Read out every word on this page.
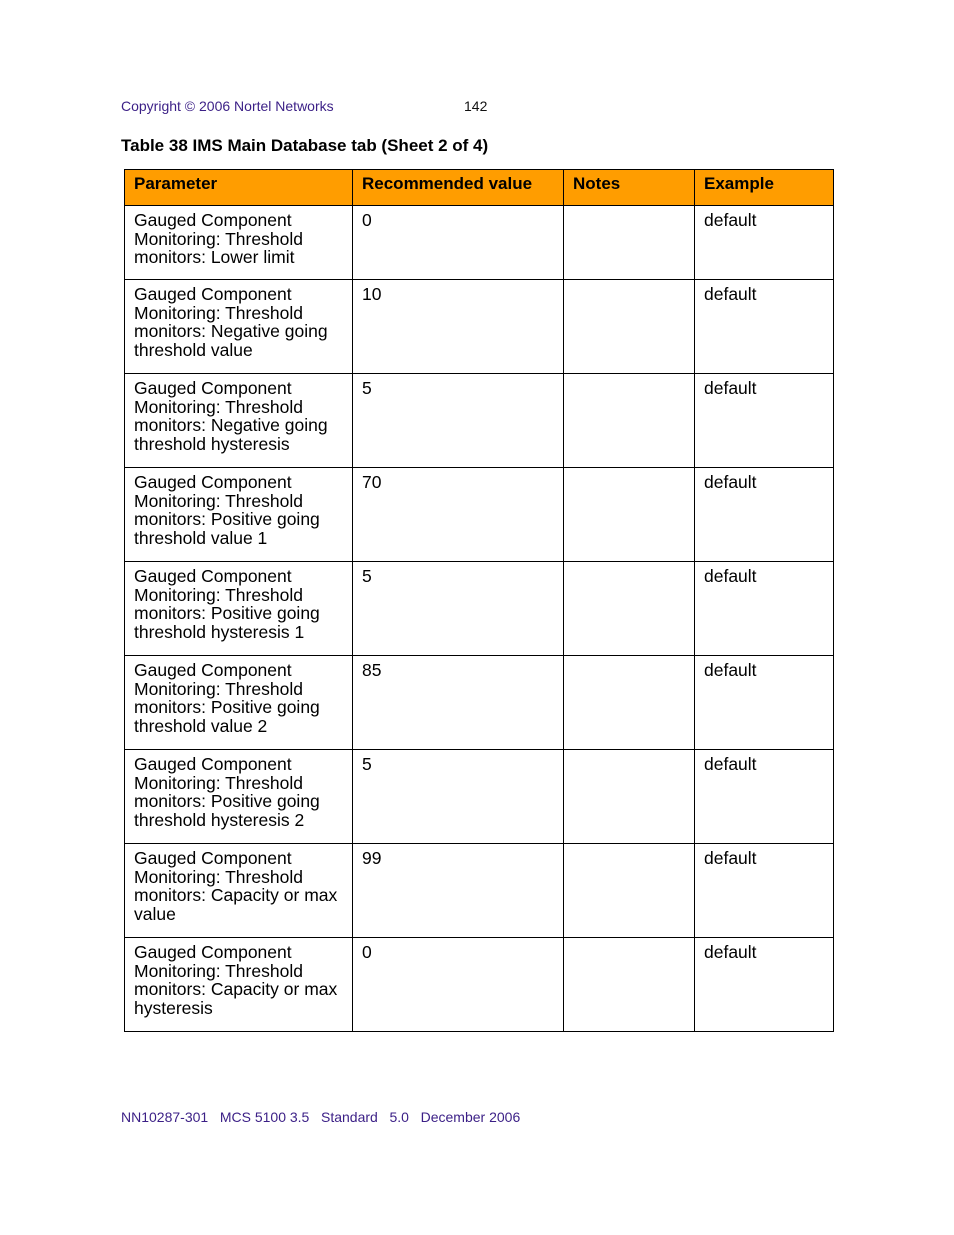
Copyright © 2006 Nortel Networks	142
Table 38 IMS Main Database tab (Sheet 2 of 4)
Parameter	Recommended value	Notes	Example
Gauged Component Monitoring: Threshold monitors: Lower limit	0		default
Gauged Component Monitoring: Threshold monitors: Negative going threshold value	10		default
Gauged Component Monitoring: Threshold monitors: Negative going threshold hysteresis	5		default
Gauged Component Monitoring: Threshold monitors: Positive going threshold value 1	70		default
Gauged Component Monitoring: Threshold monitors: Positive going threshold hysteresis 1	5		default
Gauged Component Monitoring: Threshold monitors: Positive going threshold value 2	85		default
Gauged Component Monitoring: Threshold monitors: Positive going threshold hysteresis 2	5		default
Gauged Component Monitoring: Threshold monitors: Capacity or max value	99		default
Gauged Component Monitoring: Threshold monitors: Capacity or max hysteresis	0		default
NN10287-301   MCS 5100 3.5   Standard   5.0   December 2006
